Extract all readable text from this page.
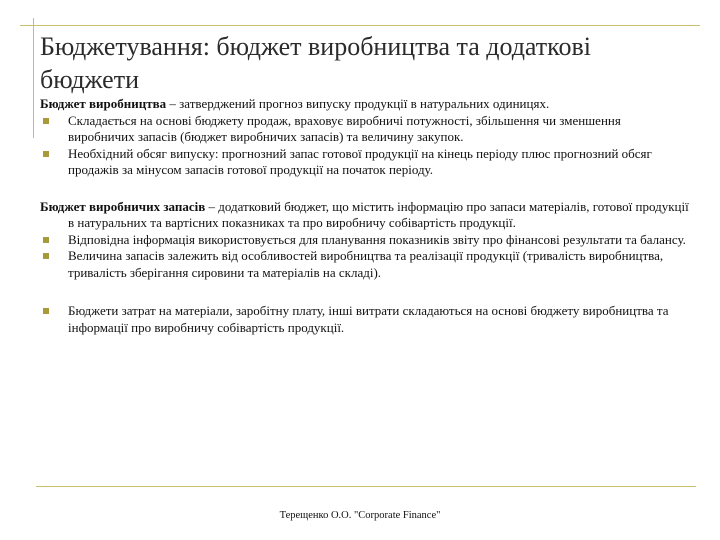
Бюджетування: бюджет виробництва та додаткові бюджети

Бюджет виробництва – затверджений прогноз випуску продукції в натуральних одиницях.

Складається на основі бюджету продаж, враховує виробничі потужності, збільшення чи зменшення виробничих запасів (бюджет виробничих запасів) та величину закупок.

Необхідний обсяг випуску: прогнозний запас готової продукції на кінець періоду плюс прогнозний обсяг продажів за мінусом запасів готової продукції на початок періоду.

Бюджет виробничих запасів – додатковий бюджет, що містить інформацію про запаси матеріалів, готової продукції в натуральних та вартісних показниках та про виробничу собівартість продукції.

Відповідна інформація використовується для планування показників звіту про фінансові результати та балансу.

Величина запасів залежить від особливостей виробництва та реалізації продукції (тривалість виробництва, тривалість зберігання сировини та матеріалів на складі).

Бюджети затрат на матеріали, заробітну плату, інші витрати складаються на основі бюджету виробництва та інформації про виробничу собівартість продукції.

Терещенко О.О. "Corporate Finance"
